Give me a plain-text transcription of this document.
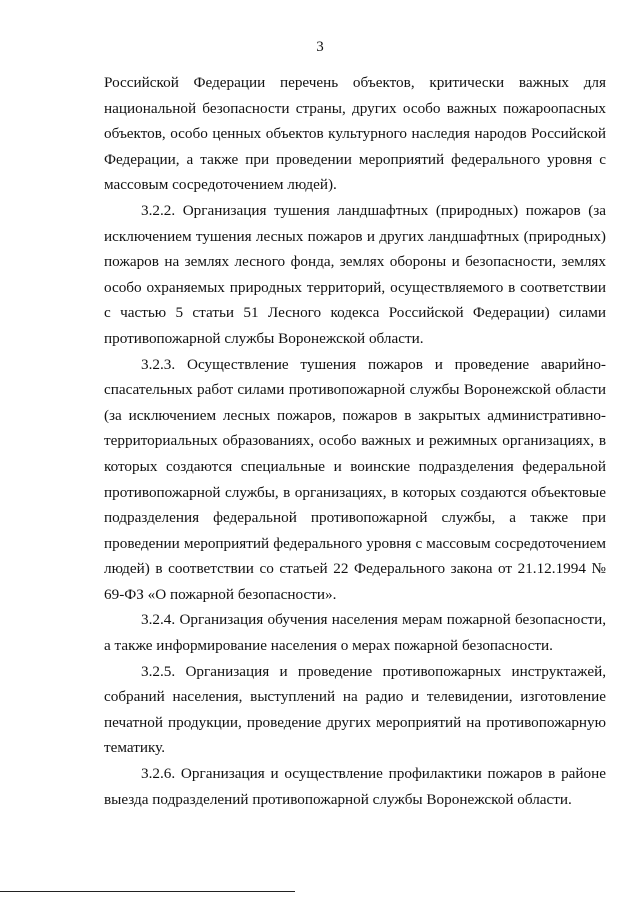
3

Российской Федерации перечень объектов, критически важных для национальной безопасности страны, других особо важных пожароопасных объектов, особо ценных объектов культурного наследия народов Российской Федерации, а также при проведении мероприятий федерального уровня с массовым сосредоточением людей).

3.2.2. Организация тушения ландшафтных (природных) пожаров (за исключением тушения лесных пожаров и других ландшафтных (природных) пожаров на землях лесного фонда, землях обороны и безопасности, землях особо охраняемых природных территорий, осуществляемого в соответствии с частью 5 статьи 51 Лесного кодекса Российской Федерации) силами противопожарной службы Воронежской области.

3.2.3. Осуществление тушения пожаров и проведение аварийно-спасательных работ силами противопожарной службы Воронежской области (за исключением лесных пожаров, пожаров в закрытых административно-территориальных образованиях, особо важных и режимных организациях, в которых создаются специальные и воинские подразделения федеральной противопожарной службы, в организациях, в которых создаются объектовые подразделения федеральной противопожарной службы, а также при проведении мероприятий федерального уровня с массовым сосредоточением людей) в соответствии со статьей 22 Федерального закона от 21.12.1994 № 69-ФЗ «О пожарной безопасности».

3.2.4. Организация обучения населения мерам пожарной безопасности, а также информирование населения о мерах пожарной безопасности.

3.2.5. Организация и проведение противопожарных инструктажей, собраний населения, выступлений на радио и телевидении, изготовление печатной продукции, проведение других мероприятий на противопожарную тематику.

3.2.6. Организация и осуществление профилактики пожаров в районе выезда подразделений противопожарной службы Воронежской области.
